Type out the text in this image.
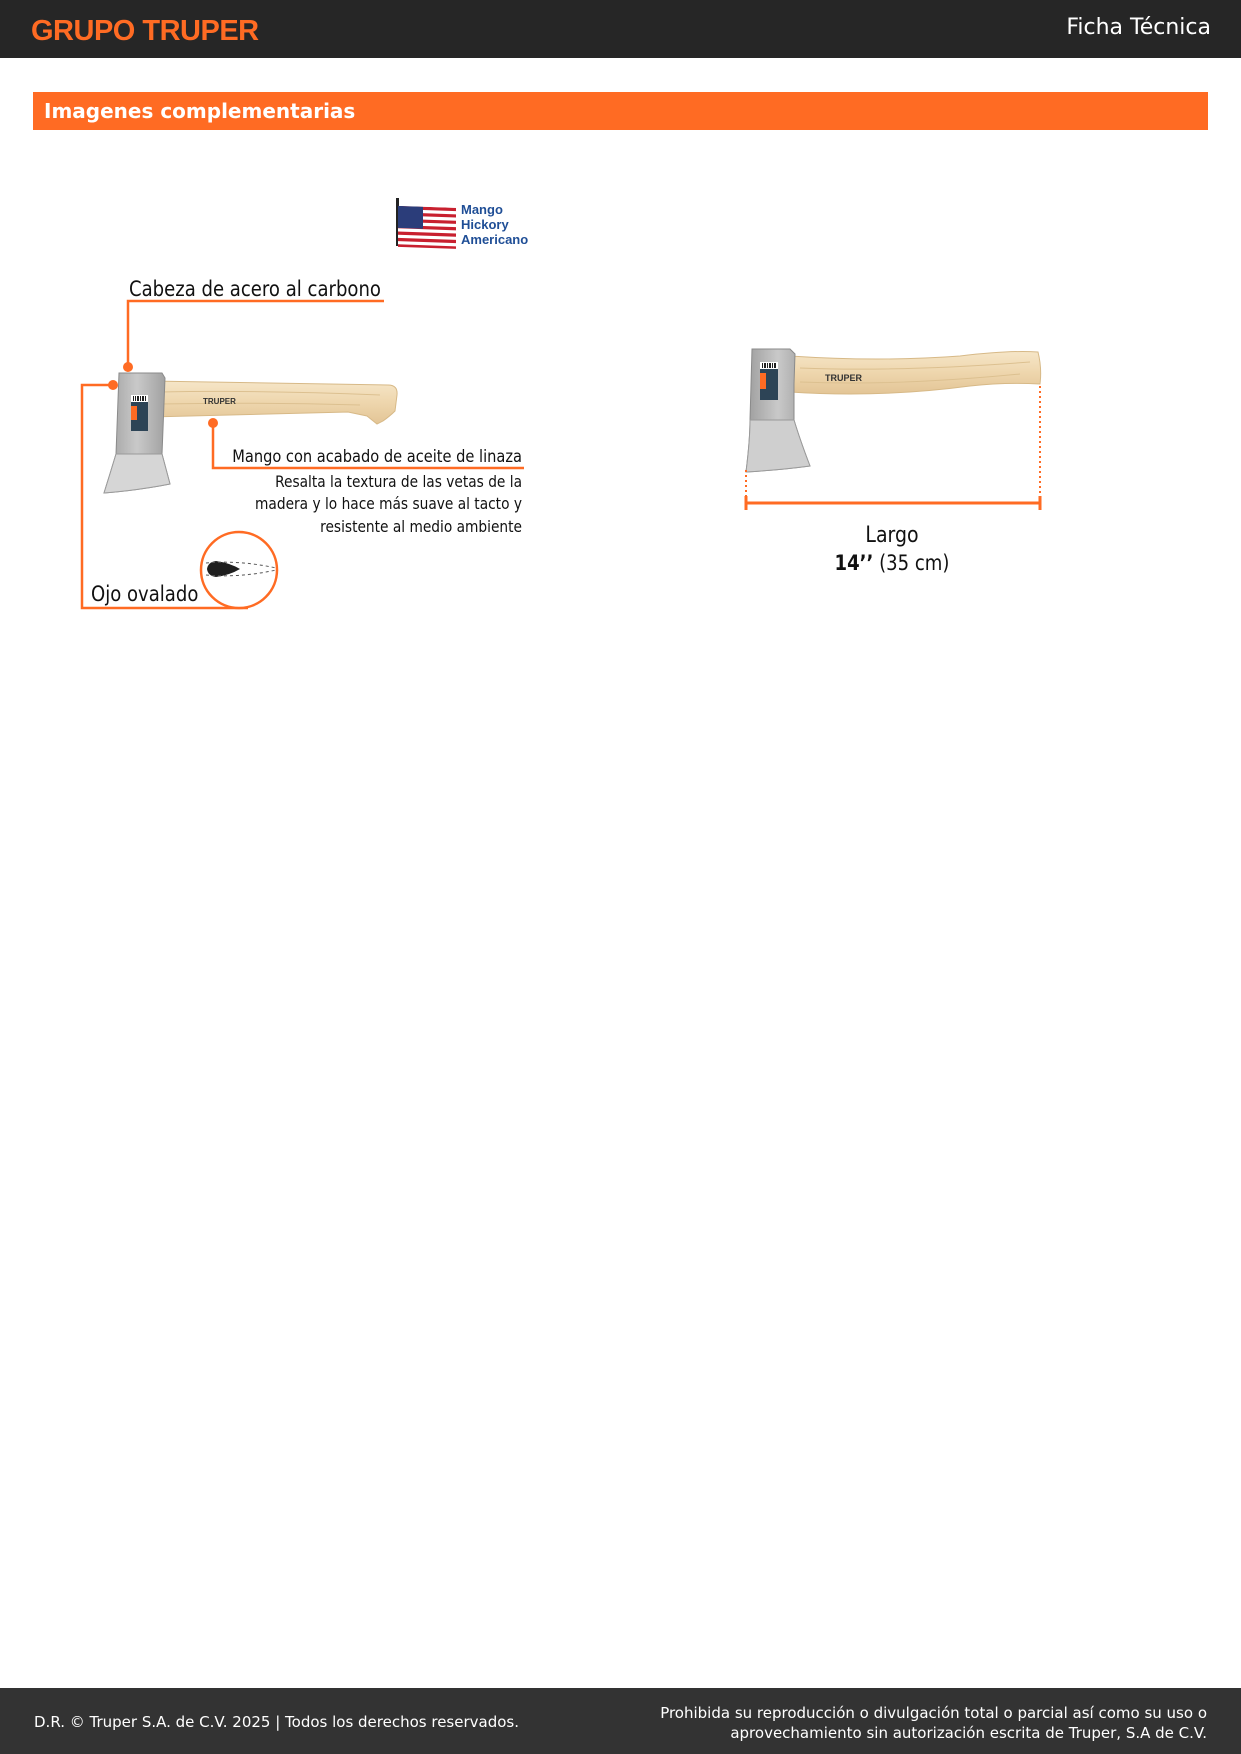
GRUPO TRUPER	Ficha Técnica
Imagenes complementarias
Mango
Hickory
Americano
TRUPER
Cabeza de acero al carbono
Mango con acabado de aceite de linaza
Resalta la textura de las vetas de la
madera y lo hace más suave al tacto y
resistente al medio ambiente
Ojo ovalado
TRUPER
Largo
14’’ (35 cm)
D.R. © Truper S.A. de C.V. 2025 | Todos los derechos reservados.	Prohibida su reproducción o divulgación total o parcial así como su uso o
aprovechamiento sin autorización escrita de Truper, S.A de C.V.
